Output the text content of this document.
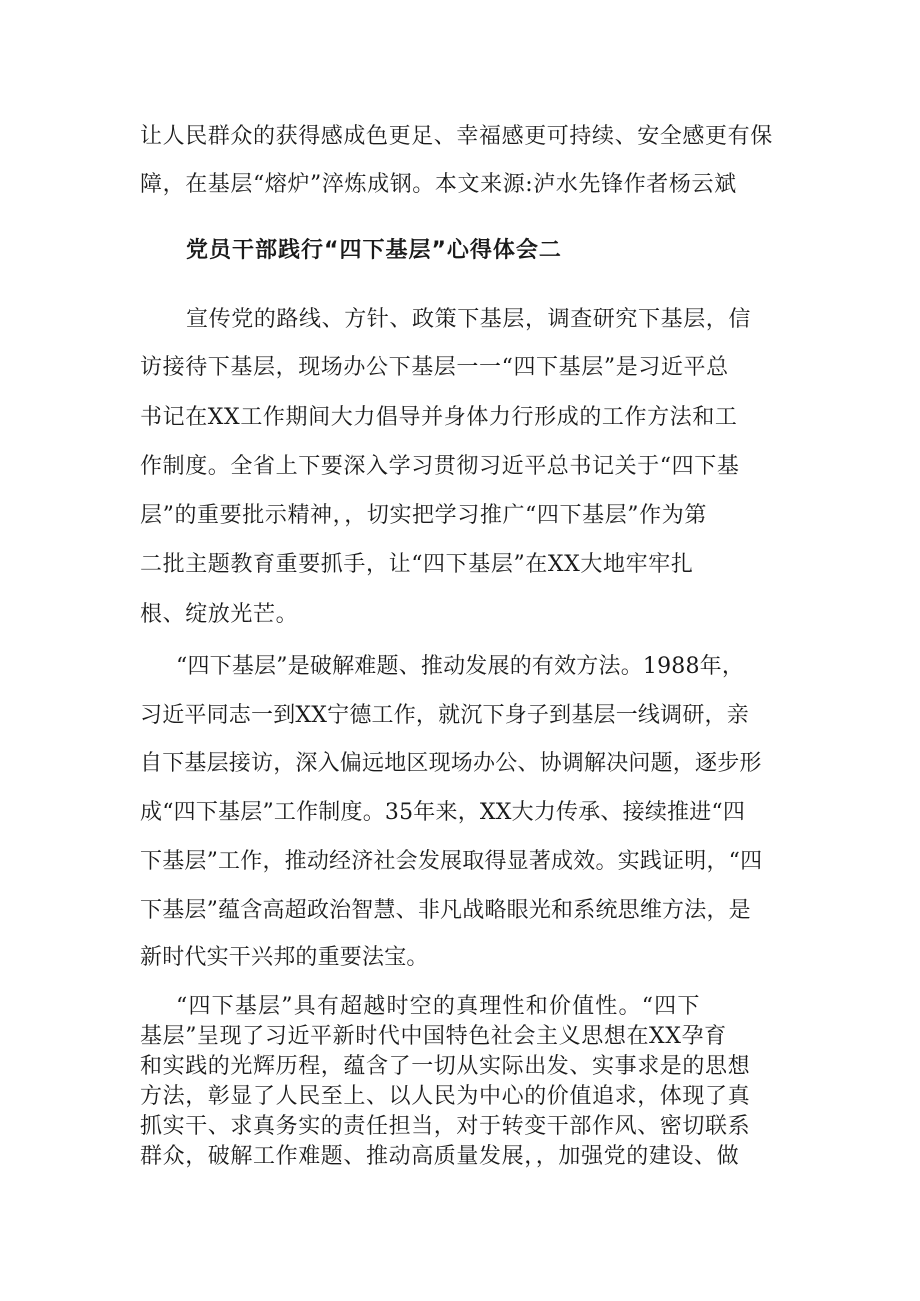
让人民群众的获得感成色更足、幸福感更可持续、安全感更有保
障，在基层“熔炉”淬炼成钢。本文来源:泸水先锋作者杨云斌
党员干部践行“四下基层”心得体会二
宣传党的路线、方针、政策下基层，调查研究下基层，信
访接待下基层，现场办公下基层一一“四下基层”是习近平总
书记在XX工作期间大力倡导并身体力行形成的工作方法和工
作制度。全省上下要深入学习贯彻习近平总书记关于“四下基
层”的重要批示精神，，切实把学习推广“四下基层”作为第
二批主题教育重要抓手，让“四下基层”在XX大地牢牢扎
根、绽放光芒。
“四下基层”是破解难题、推动发展的有效方法。1988年，
习近平同志一到XX宁德工作，就沉下身子到基层一线调研，亲
自下基层接访，深入偏远地区现场办公、协调解决问题，逐步形
成“四下基层”工作制度。35年来，XX大力传承、接续推进“四
下基层”工作，推动经济社会发展取得显著成效。实践证明，“四
下基层”蕴含高超政治智慧、非凡战略眼光和系统思维方法，是
新时代实干兴邦的重要法宝。
“四下基层”具有超越时空的真理性和价值性。“四下
基层”呈现了习近平新时代中国特色社会主义思想在XX孕育
和实践的光辉历程，蕴含了一切从实际出发、实事求是的思想
方法，彰显了人民至上、以人民为中心的价值追求，体现了真
抓实干、求真务实的责任担当，对于转变干部作风、密切联系
群众，破解工作难题、推动高质量发展，，加强党的建设、做
